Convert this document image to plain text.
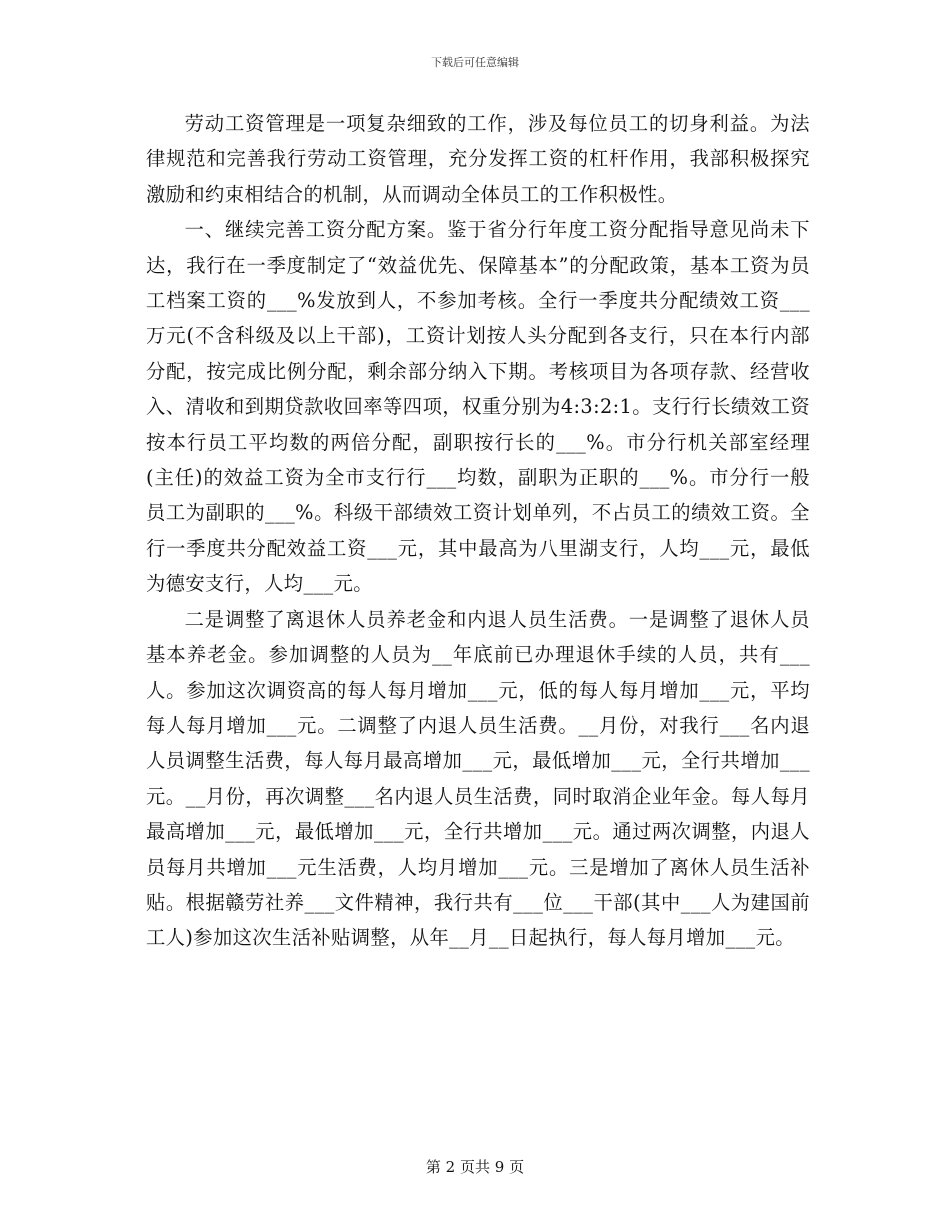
下载后可任意编辑

劳动工资管理是一项复杂细致的工作，涉及每位员工的切身利益。为法律规范和完善我行劳动工资管理，充分发挥工资的杠杆作用，我部积极探究激励和约束相结合的机制，从而调动全体员工的工作积极性。

一、继续完善工资分配方案。鉴于省分行年度工资分配指导意见尚未下达，我行在一季度制定了“效益优先、保障基本”的分配政策，基本工资为员工档案工资的___%发放到人，不参加考核。全行一季度共分配绩效工资___万元(不含科级及以上干部)，工资计划按人头分配到各支行，只在本行内部分配，按完成比例分配，剩余部分纳入下期。考核项目为各项存款、经营收入、清收和到期贷款收回率等四项，权重分别为4:3:2:1。支行行长绩效工资按本行员工平均数的两倍分配，副职按行长的___%。市分行机关部室经理(主任)的效益工资为全市支行行___均数，副职为正职的___%。市分行一般员工为副职的___%。科级干部绩效工资计划单列，不占员工的绩效工资。全行一季度共分配效益工资___元，其中最高为八里湖支行，人均___元，最低为德安支行，人均___元。

二是调整了离退休人员养老金和内退人员生活费。一是调整了退休人员基本养老金。参加调整的人员为__年底前已办理退休手续的人员，共有___人。参加这次调资高的每人每月增加___元，低的每人每月增加___元，平均每人每月增加___元。二调整了内退人员生活费。__月份，对我行___名内退人员调整生活费，每人每月最高增加___元，最低增加___元，全行共增加___元。__月份，再次调整___名内退人员生活费，同时取消企业年金。每人每月最高增加___元，最低增加___元，全行共增加___元。通过两次调整，内退人员每月共增加___元生活费，人均月增加___元。三是增加了离休人员生活补贴。根据赣劳社养___文件精神，我行共有___位___干部(其中___人为建国前工人)参加这次生活补贴调整，从年__月__日起执行，每人每月增加___元。

第 2 页共 9 页
